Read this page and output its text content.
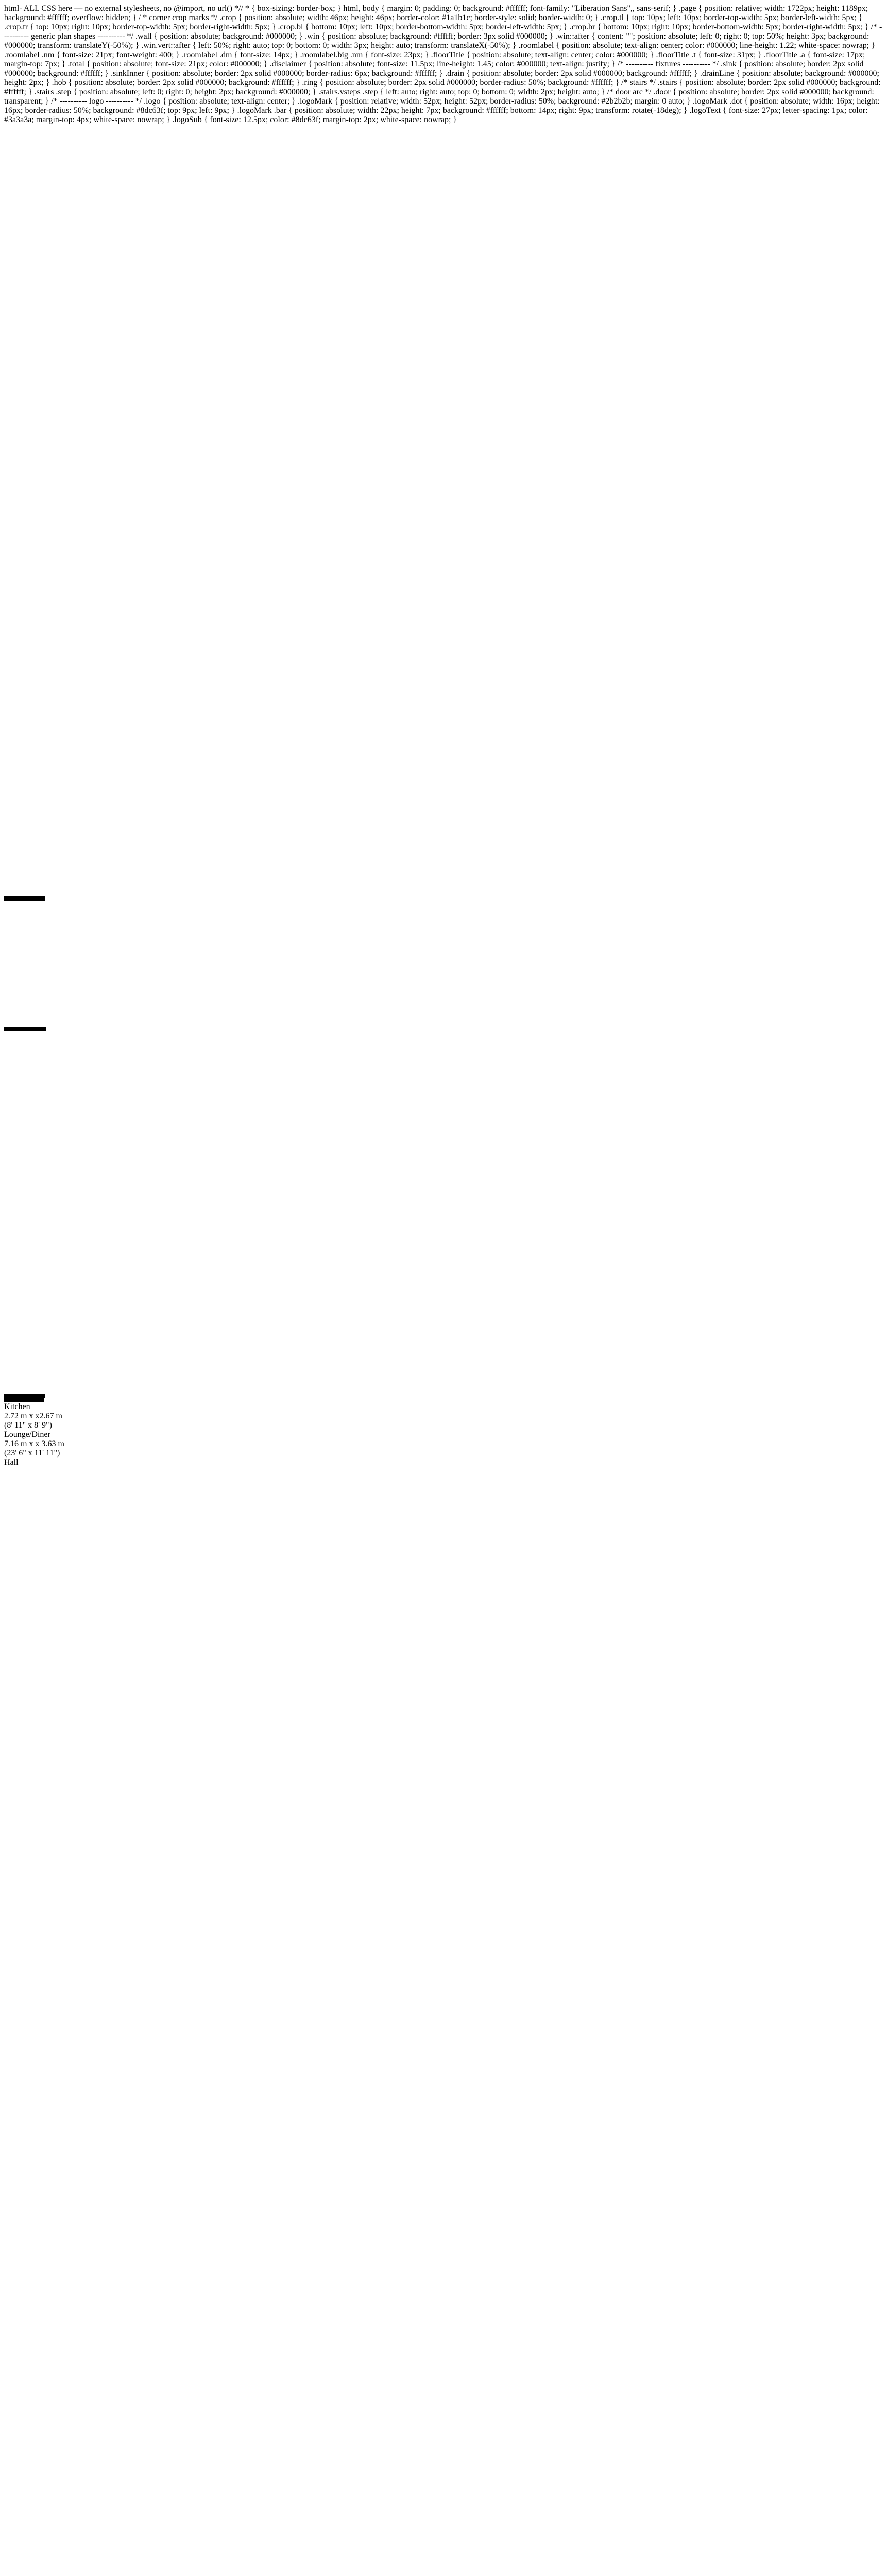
html- ALL CSS here — no external stylesheets, no @import, no url() *// * { box-sizing: border-box; } html, body { margin: 0; padding: 0; background: #ffffff; font-family: "Liberation Sans",, sans-serif; } .page { position: relative; width: 1722px; height: 1189px; background: #ffffff; overflow: hidden; } / * corner crop marks */ .crop { position: absolute; width: 46px; height: 46px; border-color: #1a1b1c; border-style: solid; border-width: 0; } .crop.tl { top: 10px; left: 10px; border-top-width: 5px; border-left-width: 5px; } .crop.tr { top: 10px; right: 10px; border-top-width: 5px; border-right-width: 5px; } .crop.bl { bottom: 10px; left: 10px; border-bottom-width: 5px; border-left-width: 5px; } .crop.br { bottom: 10px; right: 10px; border-bottom-width: 5px; border-right-width: 5px; } /* ---------- generic plan shapes ---------- */ .wall { position: absolute; background: #000000; } .win { position: absolute; background: #ffffff; border: 3px solid #000000; } .win::after { content: ""; position: absolute; left: 0; right: 0; top: 50%; height: 3px; background: #000000; transform: translateY(-50%); } .win.vert::after { left: 50%; right: auto; top: 0; bottom: 0; width: 3px; height: auto; transform: translateX(-50%); } .roomlabel { position: absolute; text-align: center; color: #000000; line-height: 1.22; white-space: nowrap; } .roomlabel .nm { font-size: 21px; font-weight: 400; } .roomlabel .dm { font-size: 14px; } .roomlabel.big .nm { font-size: 23px; } .floorTitle { position: absolute; text-align: center; color: #000000; } .floorTitle .t { font-size: 31px; } .floorTitle .a { font-size: 17px; margin-top: 7px; } .total { position: absolute; font-size: 21px; color: #000000; } .disclaimer { position: absolute; font-size: 11.5px; line-height: 1.45; color: #000000; text-align: justify; } /* ---------- fixtures ---------- */ .sink { position: absolute; border: 2px solid #000000; background: #ffffff; } .sinkInner { position: absolute; border: 2px solid #000000; border-radius: 6px; background: #ffffff; } .drain { position: absolute; border: 2px solid #000000; background: #ffffff; } .drainLine { position: absolute; background: #000000; height: 2px; } .hob { position: absolute; border: 2px solid #000000; background: #ffffff; } .ring { position: absolute; border: 2px solid #000000; border-radius: 50%; background: #ffffff; } /* stairs */ .stairs { position: absolute; border: 2px solid #000000; background: #ffffff; } .stairs .step { position: absolute; left: 0; right: 0; height: 2px; background: #000000; } .stairs.vsteps .step { left: auto; right: auto; top: 0; bottom: 0; width: 2px; height: auto; } /* door arc */ .door { position: absolute; border: 2px solid #000000; background: transparent; } /* ---------- logo ---------- */ .logo { position: absolute; text-align: center; } .logoMark { position: relative; width: 52px; height: 52px; border-radius: 50%; background: #2b2b2b; margin: 0 auto; } .logoMark .dot { position: absolute; width: 16px; height: 16px; border-radius: 50%; background: #8dc63f; top: 9px; left: 9px; } .logoMark .bar { position: absolute; width: 22px; height: 7px; background: #ffffff; bottom: 14px; right: 9px; transform: rotate(-18deg); } .logoText { font-size: 27px; letter-spacing: 1px; color: #3a3a3a; margin-top: 4px; white-space: nowrap; } .logoSub { font-size: 12.5px; color: #8dc63f; margin-top: 2px; white-space: nowrap; }
Kitchen
2.72 m x x2.67 m
(8' 11" x 8' 9")
Lounge/Diner
7.16 m x x 3.63 m
(23' 6" x 11' 11")
Hall
